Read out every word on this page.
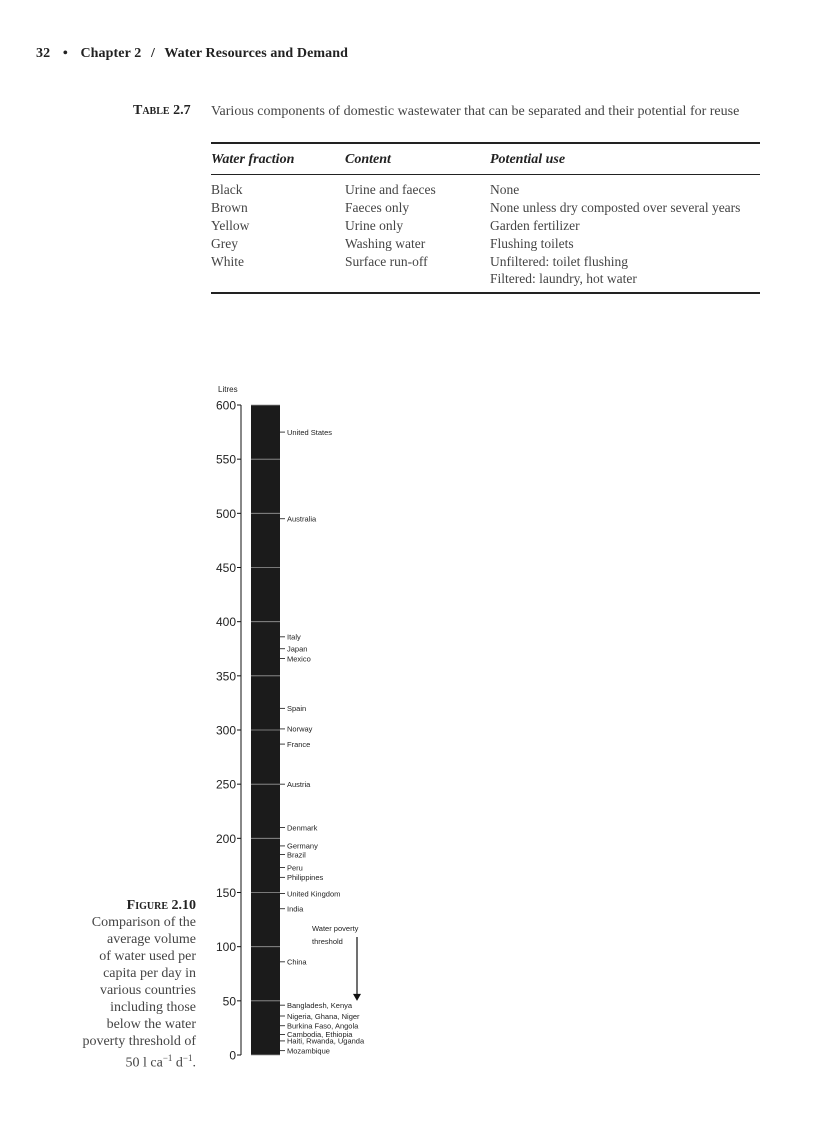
32 • Chapter 2 / Water Resources and Demand
Table 2.7 Various components of domestic wastewater that can be separated and their potential for reuse
Water fraction	Content	Potential use
Black	Urine and faeces	None
Brown	Faeces only	None unless dry composted over several years
Yellow	Urine only	Garden fertilizer
Grey	Washing water	Flushing toilets
White	Surface run-off	Unfiltered: toilet flushing
Filtered: laundry, hot water
Figure 2.10
Comparison of the
average volume
of water used per
capita per day in
various countries
including those
below the water
poverty threshold of
50 l $ca^{-1}$ $d^{-1}$.
Litres
0
50
100
150
200
250
300
350
400
450
500
550
600
United States
Australia
Italy
Japan
Mexico
Spain
Norway
France
Austria
Denmark
Germany
Brazil
Peru
Philippines
United Kingdom
India
China
Bangladesh, Kenya
Nigeria, Ghana, Niger
Burkina Faso, Angola
Cambodia, Ethiopia
Haiti, Rwanda, Uganda
Mozambique
Water poverty
threshold
